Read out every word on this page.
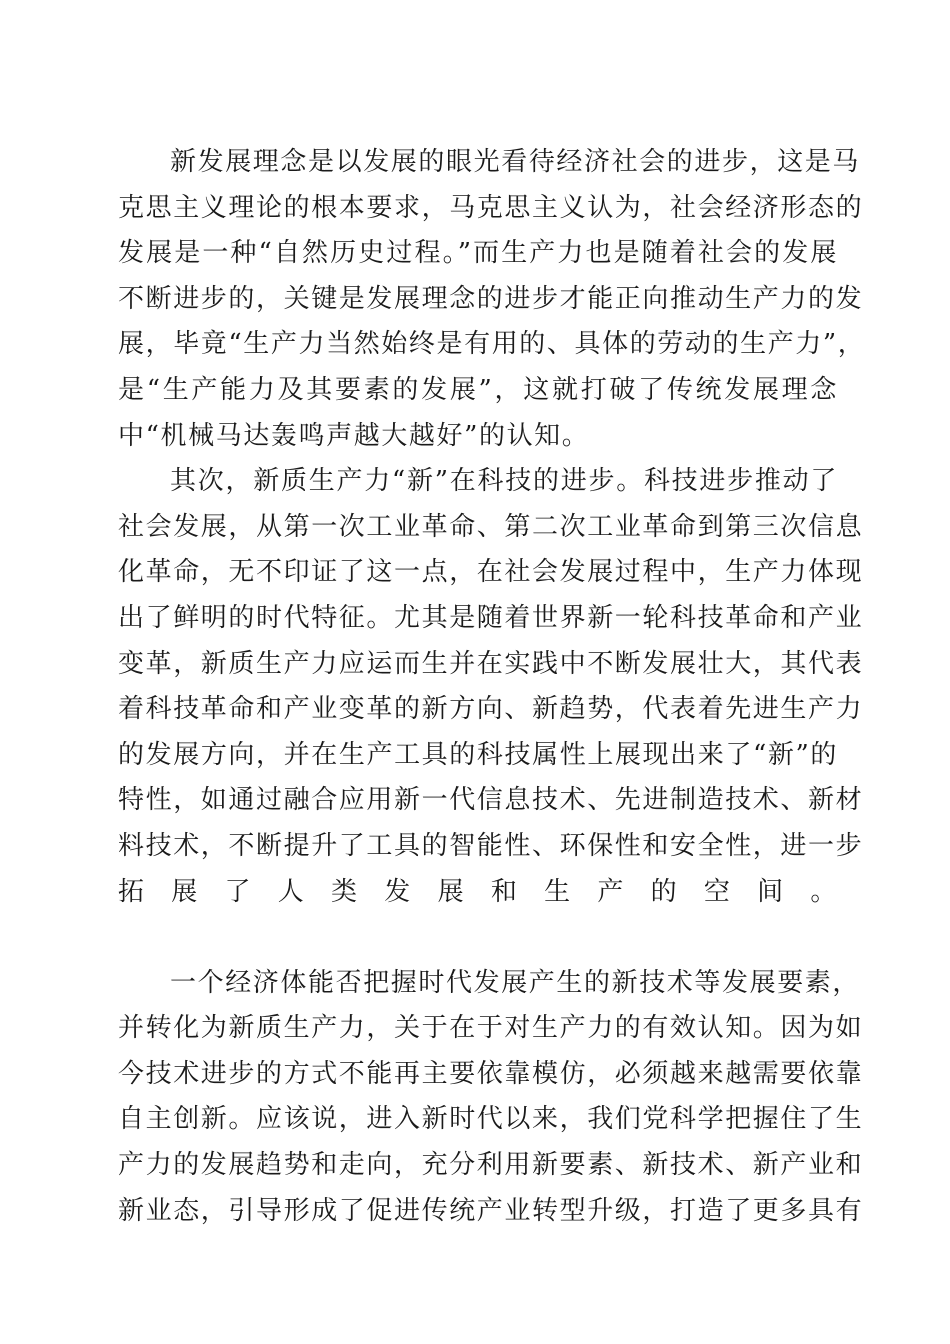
新发展理念是以发展的眼光看待经济社会的进步，这是马
克思主义理论的根本要求，马克思主义认为，社会经济形态的
发展是一种“自然历史过程。”而生产力也是随着社会的发展
不断进步的，关键是发展理念的进步才能正向推动生产力的发
展，毕竟“生产力当然始终是有用的、具体的劳动的生产力”，
是“生产能力及其要素的发展”，这就打破了传统发展理念
中“机械马达轰鸣声越大越好”的认知。
其次，新质生产力“新”在科技的进步。科技进步推动了
社会发展，从第一次工业革命、第二次工业革命到第三次信息
化革命，无不印证了这一点，在社会发展过程中，生产力体现
出了鲜明的时代特征。尤其是随着世界新一轮科技革命和产业
变革，新质生产力应运而生并在实践中不断发展壮大，其代表
着科技革命和产业变革的新方向、新趋势，代表着先进生产力
的发展方向，并在生产工具的科技属性上展现出来了“新”的
特性，如通过融合应用新一代信息技术、先进制造技术、新材
料技术，不断提升了工具的智能性、环保性和安全性，进一步
拓展了人类发展和生产的空间。
一个经济体能否把握时代发展产生的新技术等发展要素，
并转化为新质生产力，关于在于对生产力的有效认知。因为如
今技术进步的方式不能再主要依靠模仿，必须越来越需要依靠
自主创新。应该说，进入新时代以来，我们党科学把握住了生
产力的发展趋势和走向，充分利用新要素、新技术、新产业和
新业态，引导形成了促进传统产业转型升级，打造了更多具有
